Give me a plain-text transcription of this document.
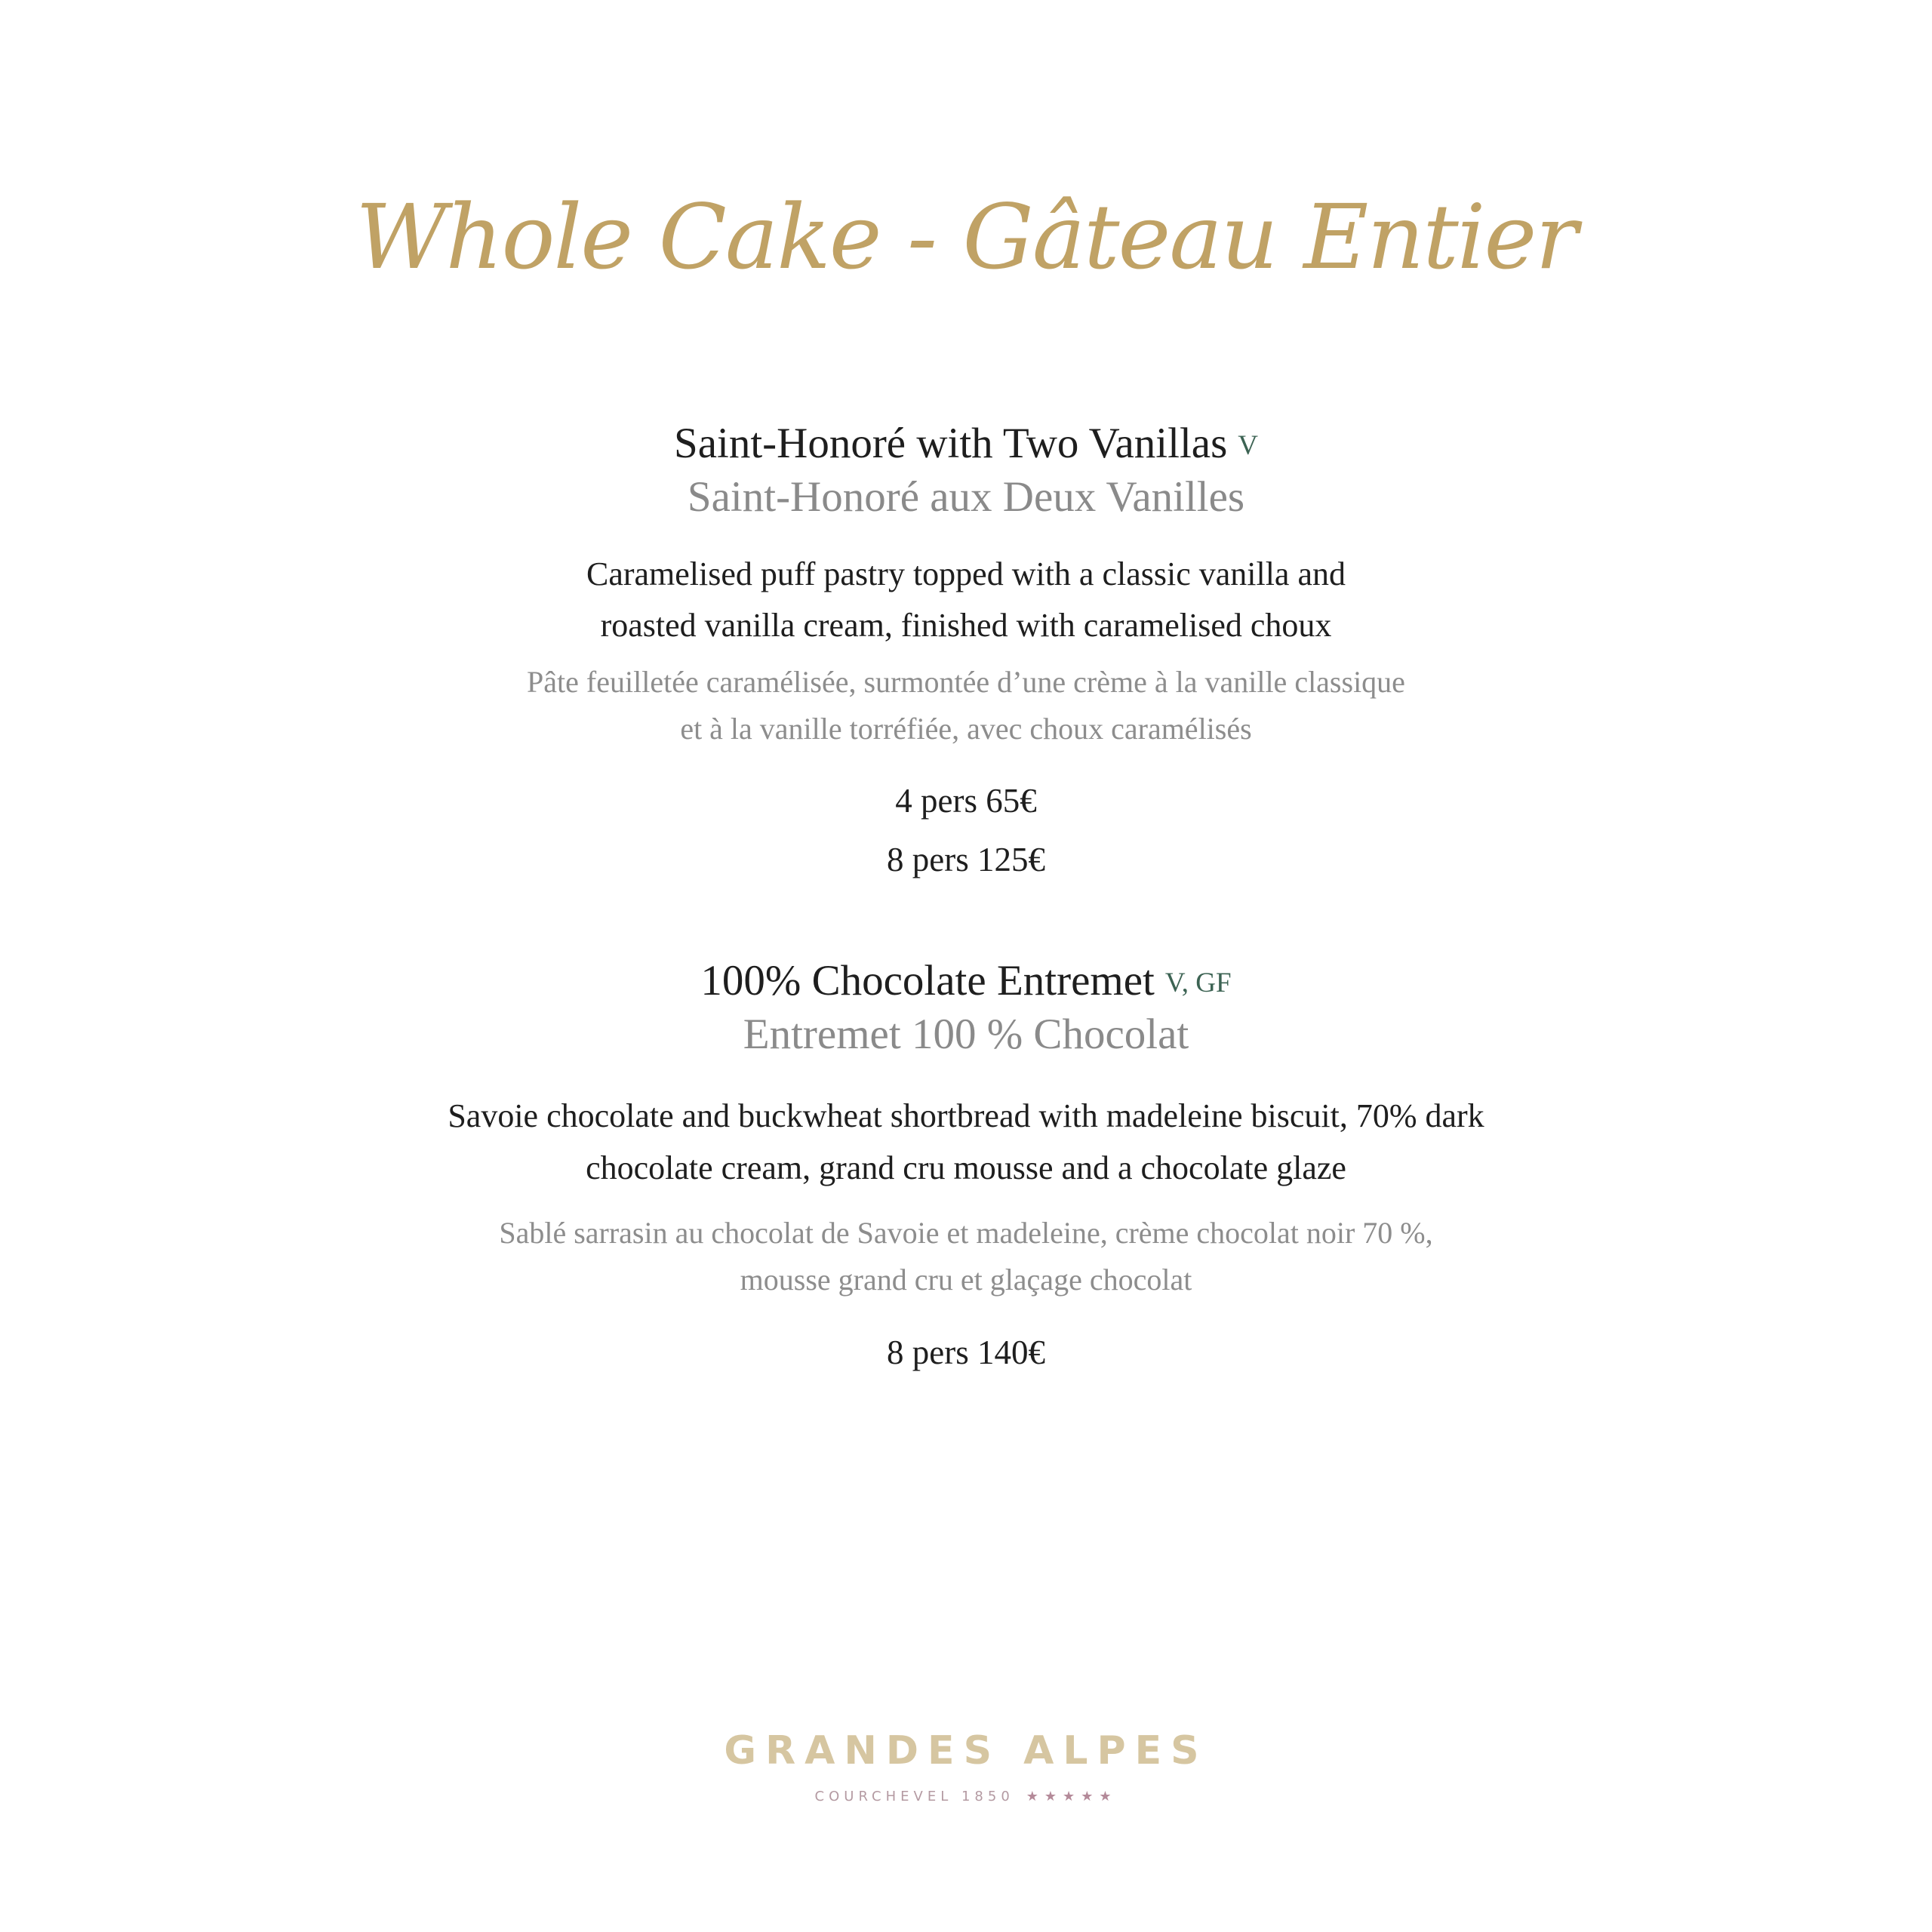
Whole Cake - Gâteau Entier
Saint-Honoré with Two Vanillas V
Saint-Honoré aux Deux Vanilles
Caramelised puff pastry topped with a classic vanilla and
roasted vanilla cream, finished with caramelised choux
Pâte feuilletée caramélisée, surmontée d’une crème à la vanille classique
et à la vanille torréfiée, avec choux caramélisés
4 pers 65€
8 pers 125€
100% Chocolate Entremet V, GF
Entremet 100 % Chocolat
Savoie chocolate and buckwheat shortbread with madeleine biscuit, 70% dark
chocolate cream, grand cru mousse and a chocolate glaze
Sablé sarrasin au chocolat de Savoie et madeleine, crème chocolat noir 70 %,
mousse grand cru et glaçage chocolat
8 pers 140€
GRANDES ALPES
COURCHEVEL 1850 ★★★★★
